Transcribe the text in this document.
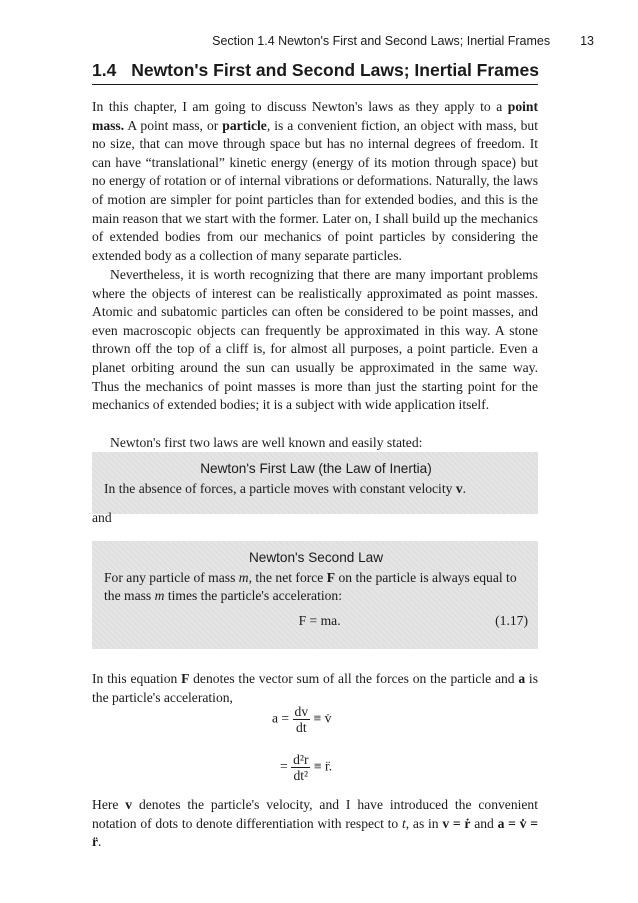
Section 1.4 Newton's First and Second Laws; Inertial Frames 13
1.4 Newton's First and Second Laws; Inertial Frames

In this chapter, I am going to discuss Newton's laws as they apply to a point mass. A point mass, or particle, is a convenient fiction, an object with mass, but no size, that can move through space but has no internal degrees of freedom. It can have “translational” kinetic energy (energy of its motion through space) but no energy of rotation or of internal vibrations or deformations. Naturally, the laws of motion are simpler for point particles than for extended bodies, and this is the main reason that we start with the former. Later on, I shall build up the mechanics of extended bodies from our mechanics of point particles by considering the extended body as a collection of many separate particles.

Nevertheless, it is worth recognizing that there are many important problems where the objects of interest can be realistically approximated as point masses. Atomic and subatomic particles can often be considered to be point masses, and even macroscopic objects can frequently be approximated in this way. A stone thrown off the top of a cliff is, for almost all purposes, a point particle. Even a planet orbiting around the sun can usually be approximated in the same way. Thus the mechanics of point masses is more than just the starting point for the mechanics of extended bodies; it is a subject with wide application itself.

Newton's first two laws are well known and easily stated:

Newton's First Law (the Law of Inertia)
In the absence of forces, a particle moves with constant velocity v.
and
Newton's Second Law
For any particle of mass m, the net force F on the particle is always equal to the mass m times the particle's acceleration:
F = ma.	(1.17)

In this equation F denotes the vector sum of all the forces on the particle and a is the particle's acceleration,

$a = \frac{dv}{dt}$ ≡ v̇
= $\frac{\text{d²r}}{\text{dt²}}$ ≡ r̈.

Here v denotes the particle's velocity, and I have introduced the convenient notation of dots to denote differentiation with respect to t, as in v = ṙ and a = v̇ = r̈.
